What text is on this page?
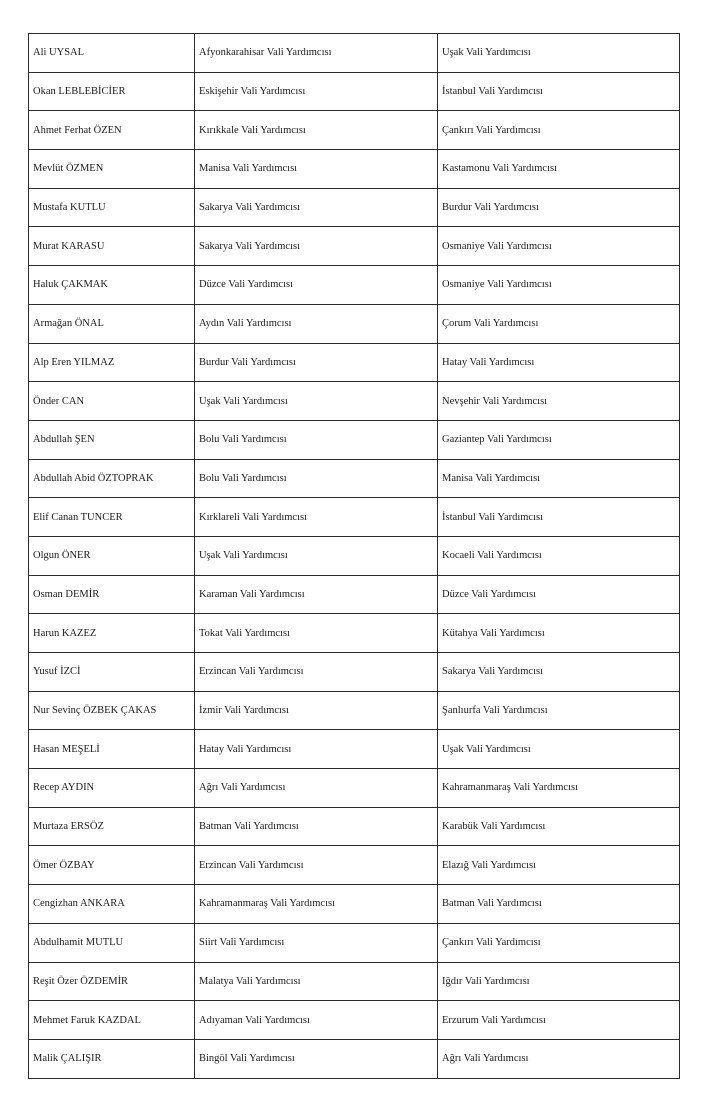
Ali UYSAL	Afyonkarahisar Vali Yardımcısı	Uşak Vali Yardımcısı
Okan LEBLEBİCİER	Eskişehir Vali Yardımcısı	İstanbul Vali Yardımcısı
Ahmet Ferhat ÖZEN	Kırıkkale Vali Yardımcısı	Çankırı Vali Yardımcısı
Mevlüt ÖZMEN	Manisa Vali Yardımcısı	Kastamonu Vali Yardımcısı
Mustafa KUTLU	Sakarya Vali Yardımcısı	Burdur Vali Yardımcısı
Murat KARASU	Sakarya Vali Yardımcısı	Osmaniye Vali Yardımcısı
Haluk ÇAKMAK	Düzce Vali Yardımcısı	Osmaniye Vali Yardımcısı
Armağan ÖNAL	Aydın Vali Yardımcısı	Çorum Vali Yardımcısı
Alp Eren YILMAZ	Burdur Vali Yardımcısı	Hatay Vali Yardımcısı
Önder CAN	Uşak Vali Yardımcısı	Nevşehir Vali Yardımcısı
Abdullah ŞEN	Bolu Vali Yardımcısı	Gaziantep Vali Yardımcısı
Abdullah Abid ÖZTOPRAK	Bolu Vali Yardımcısı	Manisa Vali Yardımcısı
Elif Canan TUNCER	Kırklareli Vali Yardımcısı	İstanbul Vali Yardımcısı
Olgun ÖNER	Uşak Vali Yardımcısı	Kocaeli Vali Yardımcısı
Osman DEMİR	Karaman Vali Yardımcısı	Düzce Vali Yardımcısı
Harun KAZEZ	Tokat Vali Yardımcısı	Kütahya Vali Yardımcısı
Yusuf İZCİ	Erzincan Vali Yardımcısı	Sakarya Vali Yardımcısı
Nur Sevinç ÖZBEK ÇAKAS	İzmir Vali Yardımcısı	Şanlıurfa Vali Yardımcısı
Hasan MEŞELİ	Hatay Vali Yardımcısı	Uşak Vali Yardımcısı
Recep AYDIN	Ağrı Vali Yardımcısı	Kahramanmaraş Vali Yardımcısı
Murtaza ERSÖZ	Batman Vali Yardımcısı	Karabük Vali Yardımcısı
Ömer ÖZBAY	Erzincan Vali Yardımcısı	Elazığ Vali Yardımcısı
Cengizhan ANKARA	Kahramanmaraş Vali Yardımcısı	Batman Vali Yardımcısı
Abdulhamit MUTLU	Siirt Vali Yardımcısı	Çankırı Vali Yardımcısı
Reşit Özer ÖZDEMİR	Malatya Vali Yardımcısı	Iğdır Vali Yardımcısı
Mehmet Faruk KAZDAL	Adıyaman Vali Yardımcısı	Erzurum Vali Yardımcısı
Malik ÇALIŞIR	Bingöl Vali Yardımcısı	Ağrı Vali Yardımcısı
